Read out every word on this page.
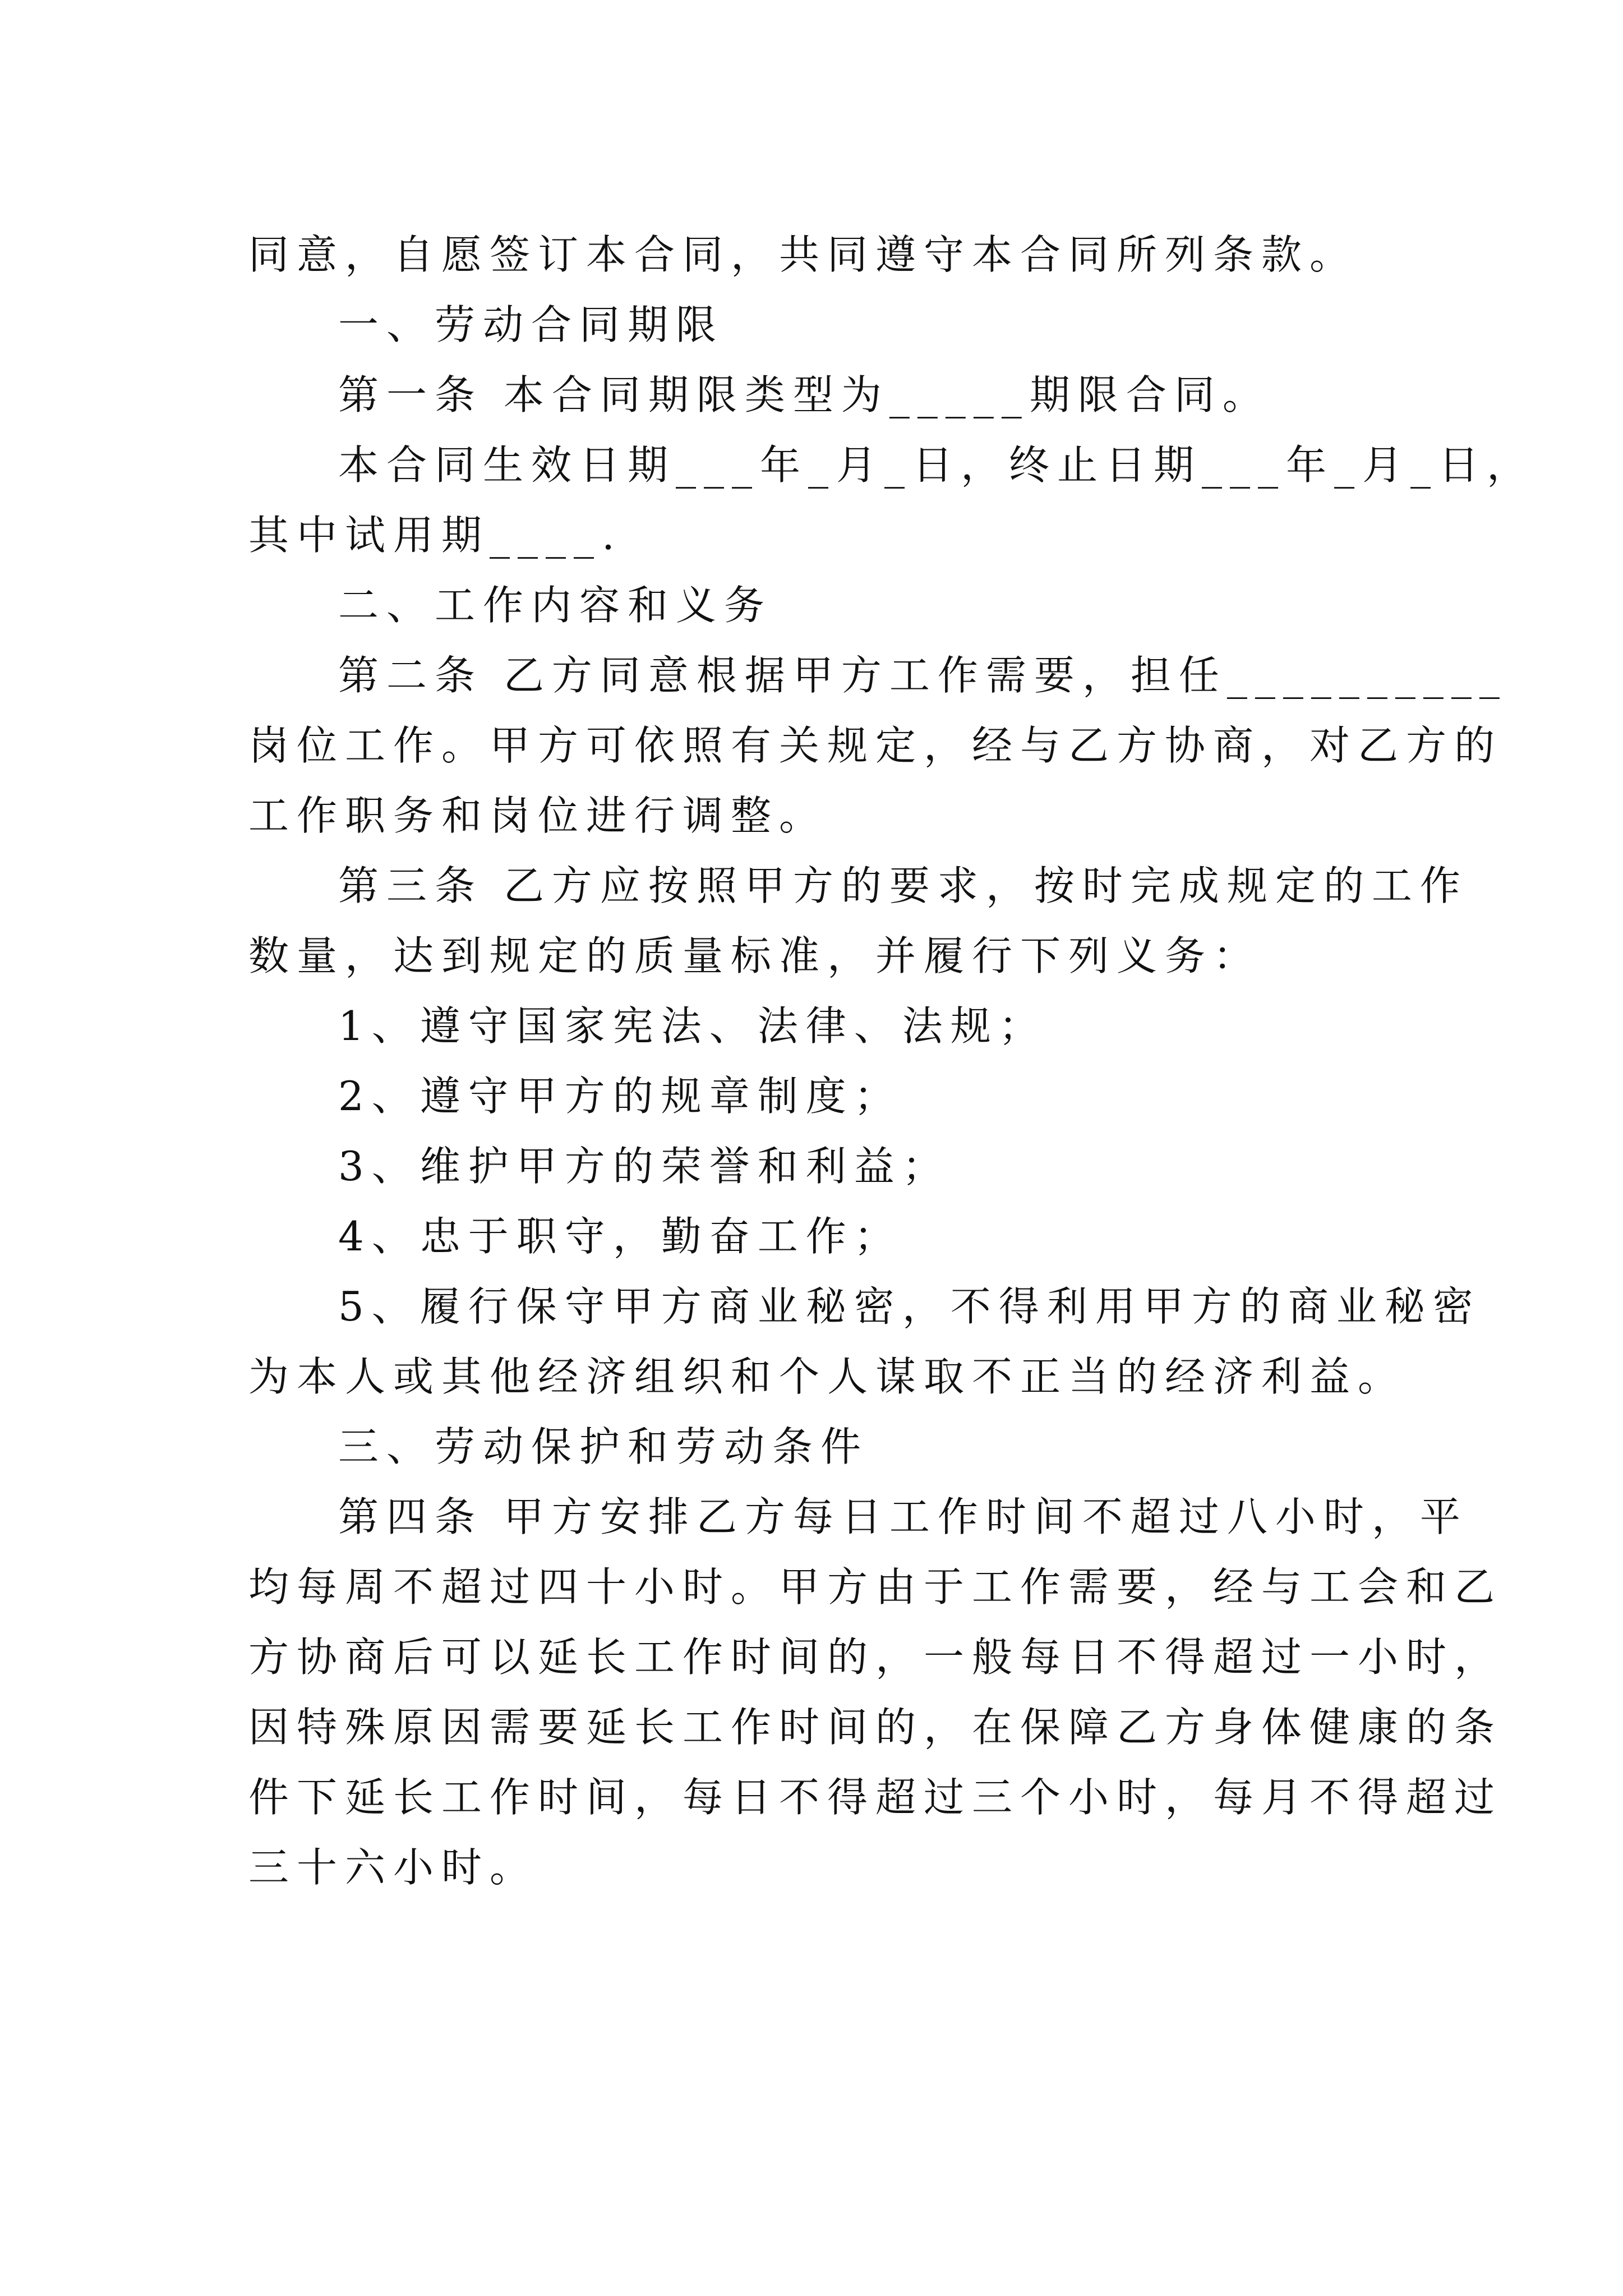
同意，自愿签订本合同，共同遵守本合同所列条款。
一、劳动合同期限
第一条 本合同期限类型为_____期限合同。
本合同生效日期___年_月_日，终止日期___年_月_日，
其中试用期____.
二、工作内容和义务
第二条 乙方同意根据甲方工作需要，担任__________
岗位工作。甲方可依照有关规定，经与乙方协商，对乙方的
工作职务和岗位进行调整。
第三条 乙方应按照甲方的要求，按时完成规定的工作
数量，达到规定的质量标准，并履行下列义务：
1、遵守国家宪法、法律、法规；
2、遵守甲方的规章制度；
3、维护甲方的荣誉和利益；
4、忠于职守，勤奋工作；
5、履行保守甲方商业秘密，不得利用甲方的商业秘密
为本人或其他经济组织和个人谋取不正当的经济利益。
三、劳动保护和劳动条件
第四条 甲方安排乙方每日工作时间不超过八小时，平
均每周不超过四十小时。甲方由于工作需要，经与工会和乙
方协商后可以延长工作时间的，一般每日不得超过一小时，
因特殊原因需要延长工作时间的，在保障乙方身体健康的条
件下延长工作时间，每日不得超过三个小时，每月不得超过
三十六小时。
